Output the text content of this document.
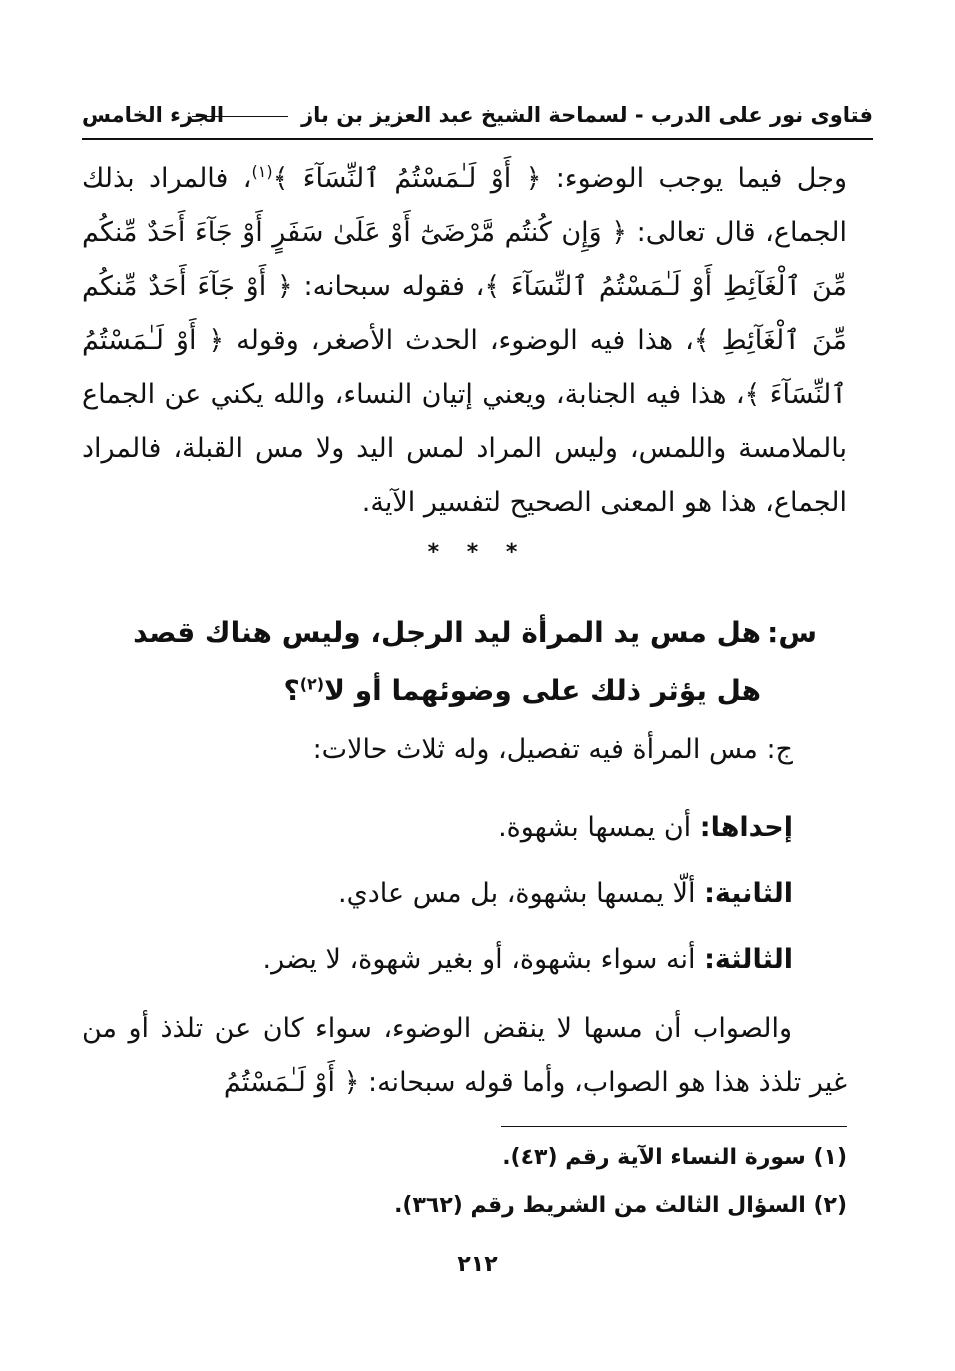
فتاوى نور على الدرب - لسماحة الشيخ عبد العزيز بن باز
الجزء الخامس

وجل فيما يوجب الوضوء: ﴿ أَوْ لَـٰمَسْتُمُ ٱلنِّسَآءَ ﴾$^{(١)}$، فالمراد بذلك الجماع، قال تعالى: ﴿ وَإِن كُنتُم مَّرْضَىٰٓ أَوْ عَلَىٰ سَفَرٍ أَوْ جَآءَ أَحَدٌ مِّنكُم مِّنَ ٱلْغَآئِطِ أَوْ لَـٰمَسْتُمُ ٱلنِّسَآءَ ﴾، فقوله سبحانه: ﴿ أَوْ جَآءَ أَحَدٌ مِّنكُم مِّنَ ٱلْغَآئِطِ ﴾، هذا فيه الوضوء، الحدث الأصغر، وقوله ﴿ أَوْ لَـٰمَسْتُمُ ٱلنِّسَآءَ ﴾، هذا فيه الجنابة، ويعني إتيان النساء، والله يكني عن الجماع بالملامسة واللمس، وليس المراد لمس اليد ولا مس القبلة، فالمراد الجماع، هذا هو المعنى الصحيح لتفسير الآية.

* * *
س:
هل مس يد المرأة ليد الرجل، وليس هناك قصد هل يؤثر ذلك على وضوئهما أو لا$^{(٢)}$؟
ج: مس المرأة فيه تفصيل، وله ثلاث حالات:
إحداها: أن يمسها بشهوة.
الثانية: ألّا يمسها بشهوة، بل مس عادي.
الثالثة: أنه سواء بشهوة، أو بغير شهوة، لا يضر.

والصواب أن مسها لا ينقض الوضوء، سواء كان عن تلذذ أو من غير تلذذ هذا هو الصواب، وأما قوله سبحانه: ﴿ أَوْ لَـٰمَسْتُمُ

(١) سورة النساء الآية رقم (٤٣).
(٢) السؤال الثالث من الشريط رقم (٣٦٢).
٢١٢
